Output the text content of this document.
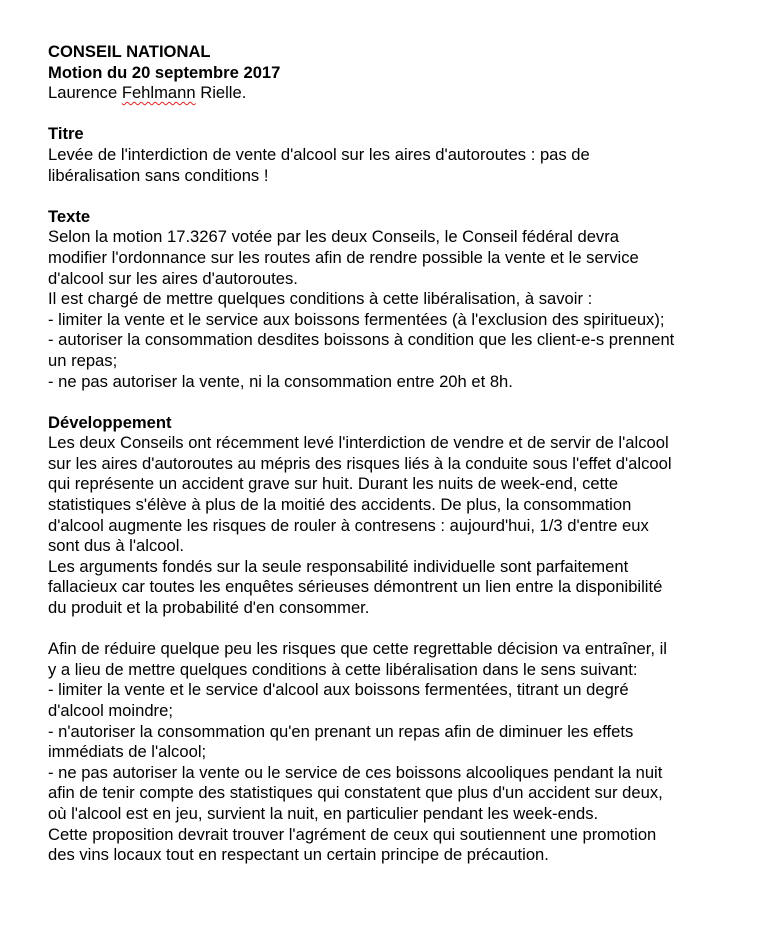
CONSEIL NATIONAL
Motion du 20 septembre 2017
Laurence Fehlmann Rielle.
Titre
Levée de l'interdiction de vente d'alcool sur les aires d'autoroutes : pas de
libéralisation sans conditions !
Texte
Selon la motion 17.3267 votée par les deux Conseils, le Conseil fédéral devra
modifier l'ordonnance sur les routes afin de rendre possible la vente et le service
d'alcool sur les aires d'autoroutes.
Il est chargé de mettre quelques conditions à cette libéralisation, à savoir :
- limiter la vente et le service aux boissons fermentées (à l'exclusion des spiritueux);
- autoriser la consommation desdites boissons à condition que les client-e-s prennent
un repas;
- ne pas autoriser la vente, ni la consommation entre 20h et 8h.
Développement
Les deux Conseils ont récemment levé l'interdiction de vendre et de servir de l'alcool
sur les aires d'autoroutes au mépris des risques liés à la conduite sous l'effet d'alcool
qui représente un accident grave sur huit. Durant les nuits de week-end, cette
statistiques s'élève à plus de la moitié des accidents. De plus, la consommation
d'alcool augmente les risques de rouler à contresens : aujourd'hui, 1/3 d'entre eux
sont dus à l'alcool.
Les arguments fondés sur la seule responsabilité individuelle sont parfaitement
fallacieux car toutes les enquêtes sérieuses démontrent un lien entre la disponibilité
du produit et la probabilité d'en consommer.
Afin de réduire quelque peu les risques que cette regrettable décision va entraîner, il
y a lieu de mettre quelques conditions à cette libéralisation dans le sens suivant:
- limiter la vente et le service d'alcool aux boissons fermentées, titrant un degré
d'alcool moindre;
- n'autoriser la consommation qu'en prenant un repas afin de diminuer les effets
immédiats de l'alcool;
- ne pas autoriser la vente ou le service de ces boissons alcooliques pendant la nuit
afin de tenir compte des statistiques qui constatent que plus d'un accident sur deux,
où l'alcool est en jeu, survient la nuit, en particulier pendant les week-ends.
Cette proposition devrait trouver l'agrément de ceux qui soutiennent une promotion
des vins locaux tout en respectant un certain principe de précaution.
